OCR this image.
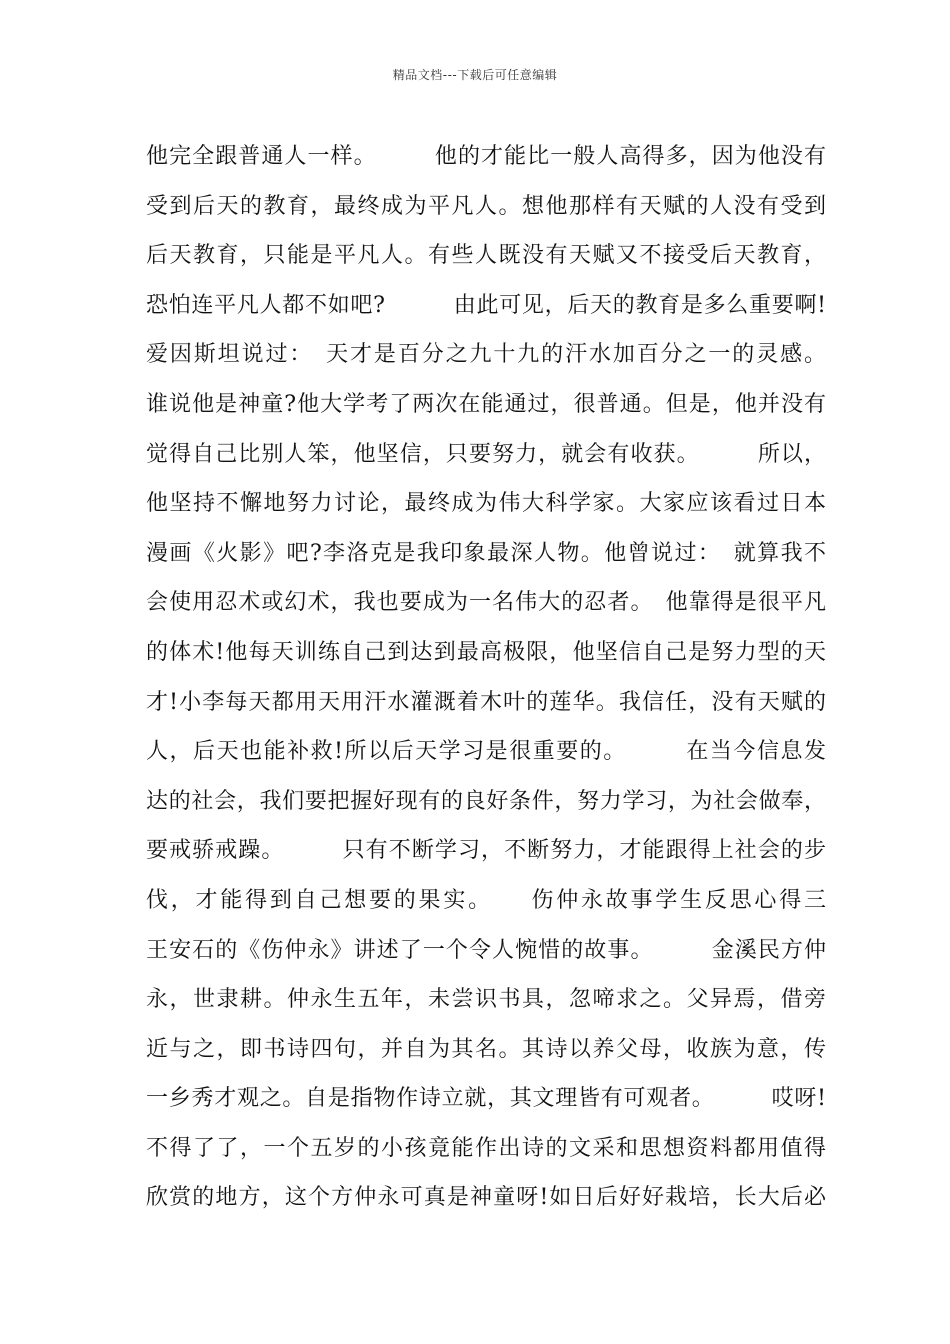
精品文档---下载后可任意编辑
他完全跟普通人一样。　　　他的才能比一般人高得多，因为他没有
受到后天的教育，最终成为平凡人。想他那样有天赋的人没有受到
后天教育，只能是平凡人。有些人既没有天赋又不接受后天教育，
恐怕连平凡人都不如吧?　　　由此可见，后天的教育是多么重要啊!
爱因斯坦说过：　天才是百分之九十九的汗水加百分之一的灵感。
谁说他是神童?他大学考了两次在能通过，很普通。但是，他并没有
觉得自己比别人笨，他坚信，只要努力，就会有收获。　　　所以，
他坚持不懈地努力讨论，最终成为伟大科学家。大家应该看过日本
漫画《火影》吧?李洛克是我印象最深人物。他曾说过：　就算我不
会使用忍术或幻术，我也要成为一名伟大的忍者。　他靠得是很平凡
的体术!他每天训练自己到达到最高极限，他坚信自己是努力型的天
才!小李每天都用天用汗水灌溉着木叶的莲华。我信任，没有天赋的
人，后天也能补救!所以后天学习是很重要的。　　　在当今信息发
达的社会，我们要把握好现有的良好条件，努力学习，为社会做奉，
要戒骄戒躁。　　　只有不断学习，不断努力，才能跟得上社会的步
伐，才能得到自己想要的果实。　　伤仲永故事学生反思心得三
王安石的《伤仲永》讲述了一个令人惋惜的故事。　　　金溪民方仲
永，世隶耕。仲永生五年，未尝识书具，忽啼求之。父异焉，借旁
近与之，即书诗四句，并自为其名。其诗以养父母，收族为意，传
一乡秀才观之。自是指物作诗立就，其文理皆有可观者。　　　哎呀!
不得了了，一个五岁的小孩竟能作出诗的文采和思想资料都用值得
欣赏的地方，这个方仲永可真是神童呀!如日后好好栽培，长大后必
